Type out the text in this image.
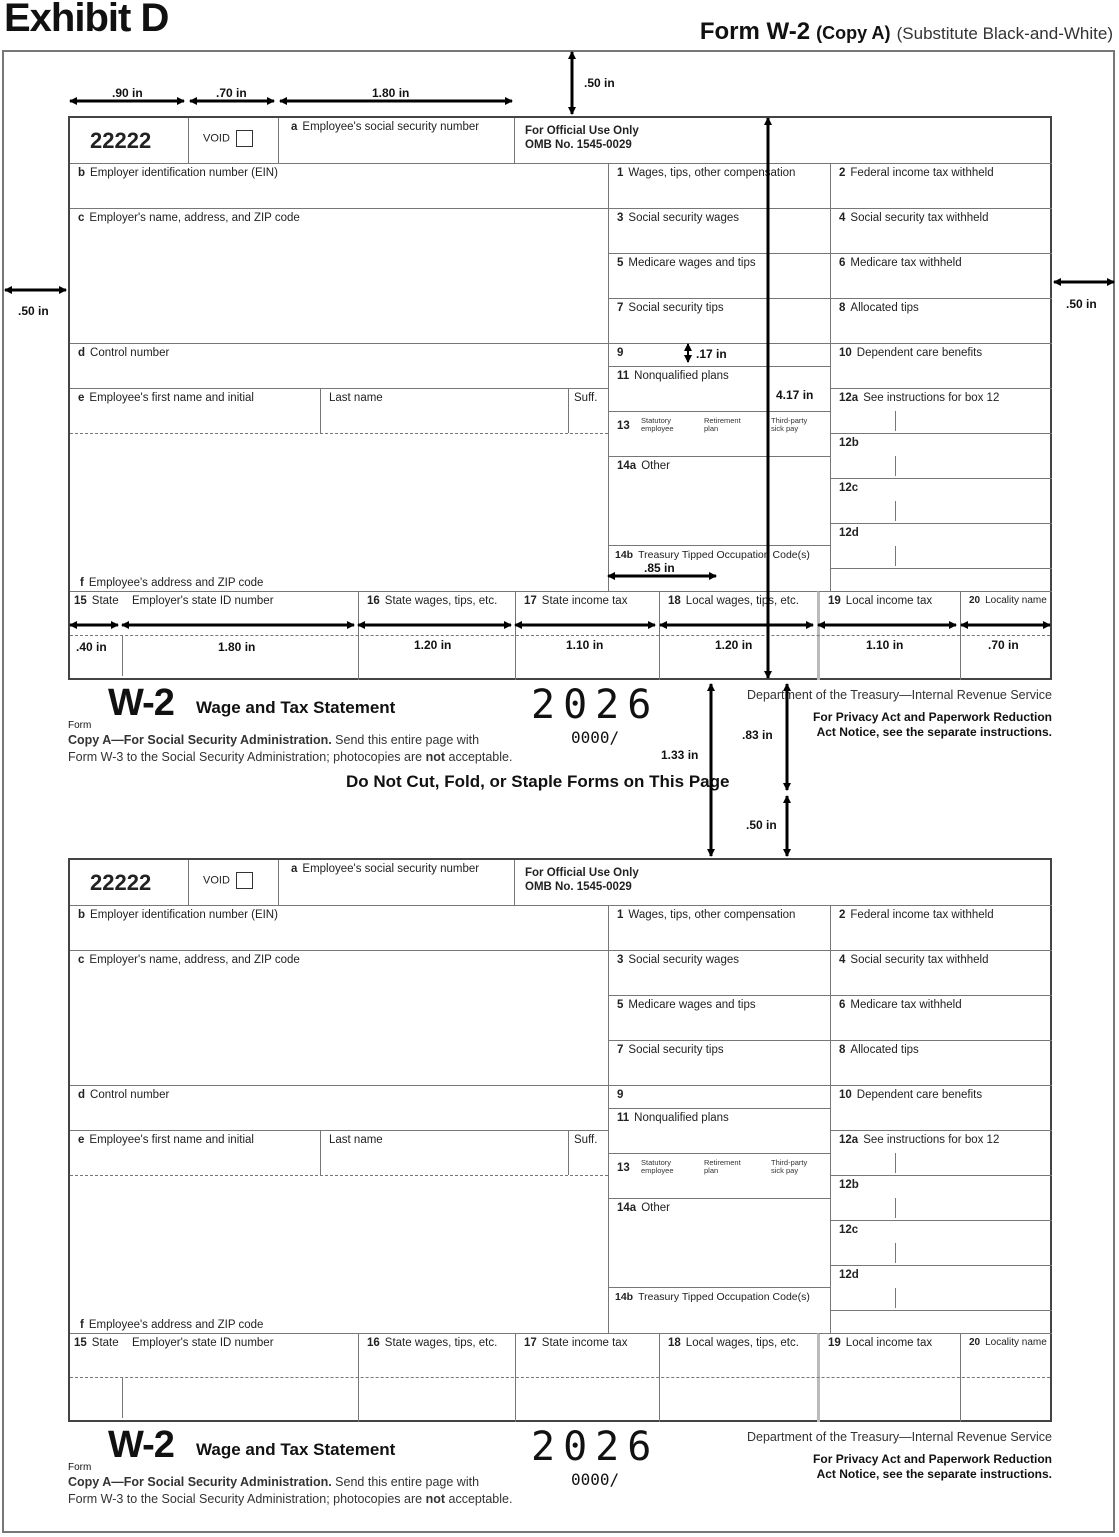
Exhibit D	Form W-2 (Copy A) (Substitute Black-and-White)
22222	VOID
a Employee's social security number	For Official Use Only
OMB No. 1545-0029
b Employer identification number (EIN)
c Employer's name, address, and ZIP code
d Control number
e Employee's first name and initial	Last name	Suff.
f Employee's address and ZIP code
1 Wages, tips, other compensation
3 Social security wages
5 Medicare wages and tips
7 Social security tips
9
11 Nonqualified plans
13 Statutory employee
Retirement plan
Third-party sick pay
14a Other
14b Treasury Tipped Occupation Code(s)
2 Federal income tax withheld
4 Social security tax withheld
6 Medicare tax withheld
8 Allocated tips
10 Dependent care benefits
12a See instructions for box 12
12b
12c
12d
15 State Employer's state ID number	16 State wages, tips, etc.	17 State income tax	18 Local wages, tips, etc.	19 Local income tax	20 Locality name
Form
W-2 Wage and Tax Statement	2026
0000/
Copy A—For Social Security Administration. Send this entire page with
Form W-3 to the Social Security Administration; photocopies are not acceptable.
Department of the Treasury—Internal Revenue Service
For Privacy Act and Paperwork Reduction
Act Notice, see the separate instructions.
Do Not Cut, Fold, or Staple Forms on This Page
22222	VOID
a Employee's social security number	For Official Use Only
OMB No. 1545-0029
b Employer identification number (EIN)
c Employer's name, address, and ZIP code
d Control number
e Employee's first name and initial	Last name	Suff.
f Employee's address and ZIP code
1 Wages, tips, other compensation
3 Social security wages
5 Medicare wages and tips
7 Social security tips
9
11 Nonqualified plans
13 Statutory employee
Retirement plan
Third-party sick pay
14a Other
14b Treasury Tipped Occupation Code(s)
2 Federal income tax withheld
4 Social security tax withheld
6 Medicare tax withheld
8 Allocated tips
10 Dependent care benefits
12a See instructions for box 12
12b
12c
12d
15 State Employer's state ID number	16 State wages, tips, etc.	17 State income tax	18 Local wages, tips, etc.	19 Local income tax	20 Locality name
Form
W-2 Wage and Tax Statement	2026
0000/
Copy A—For Social Security Administration. Send this entire page with
Form W-3 to the Social Security Administration; photocopies are not acceptable.
Department of the Treasury—Internal Revenue Service
For Privacy Act and Paperwork Reduction
Act Notice, see the separate instructions.
.90 in	.70 in	1.80 in
.50 in
.50 in	.50 in
.17 in
4.17 in
.85 in
.40 in	1.80 in	1.20 in	1.10 in	1.20 in	1.10 in	.70 in
1.33 in
.83 in
.50 in
